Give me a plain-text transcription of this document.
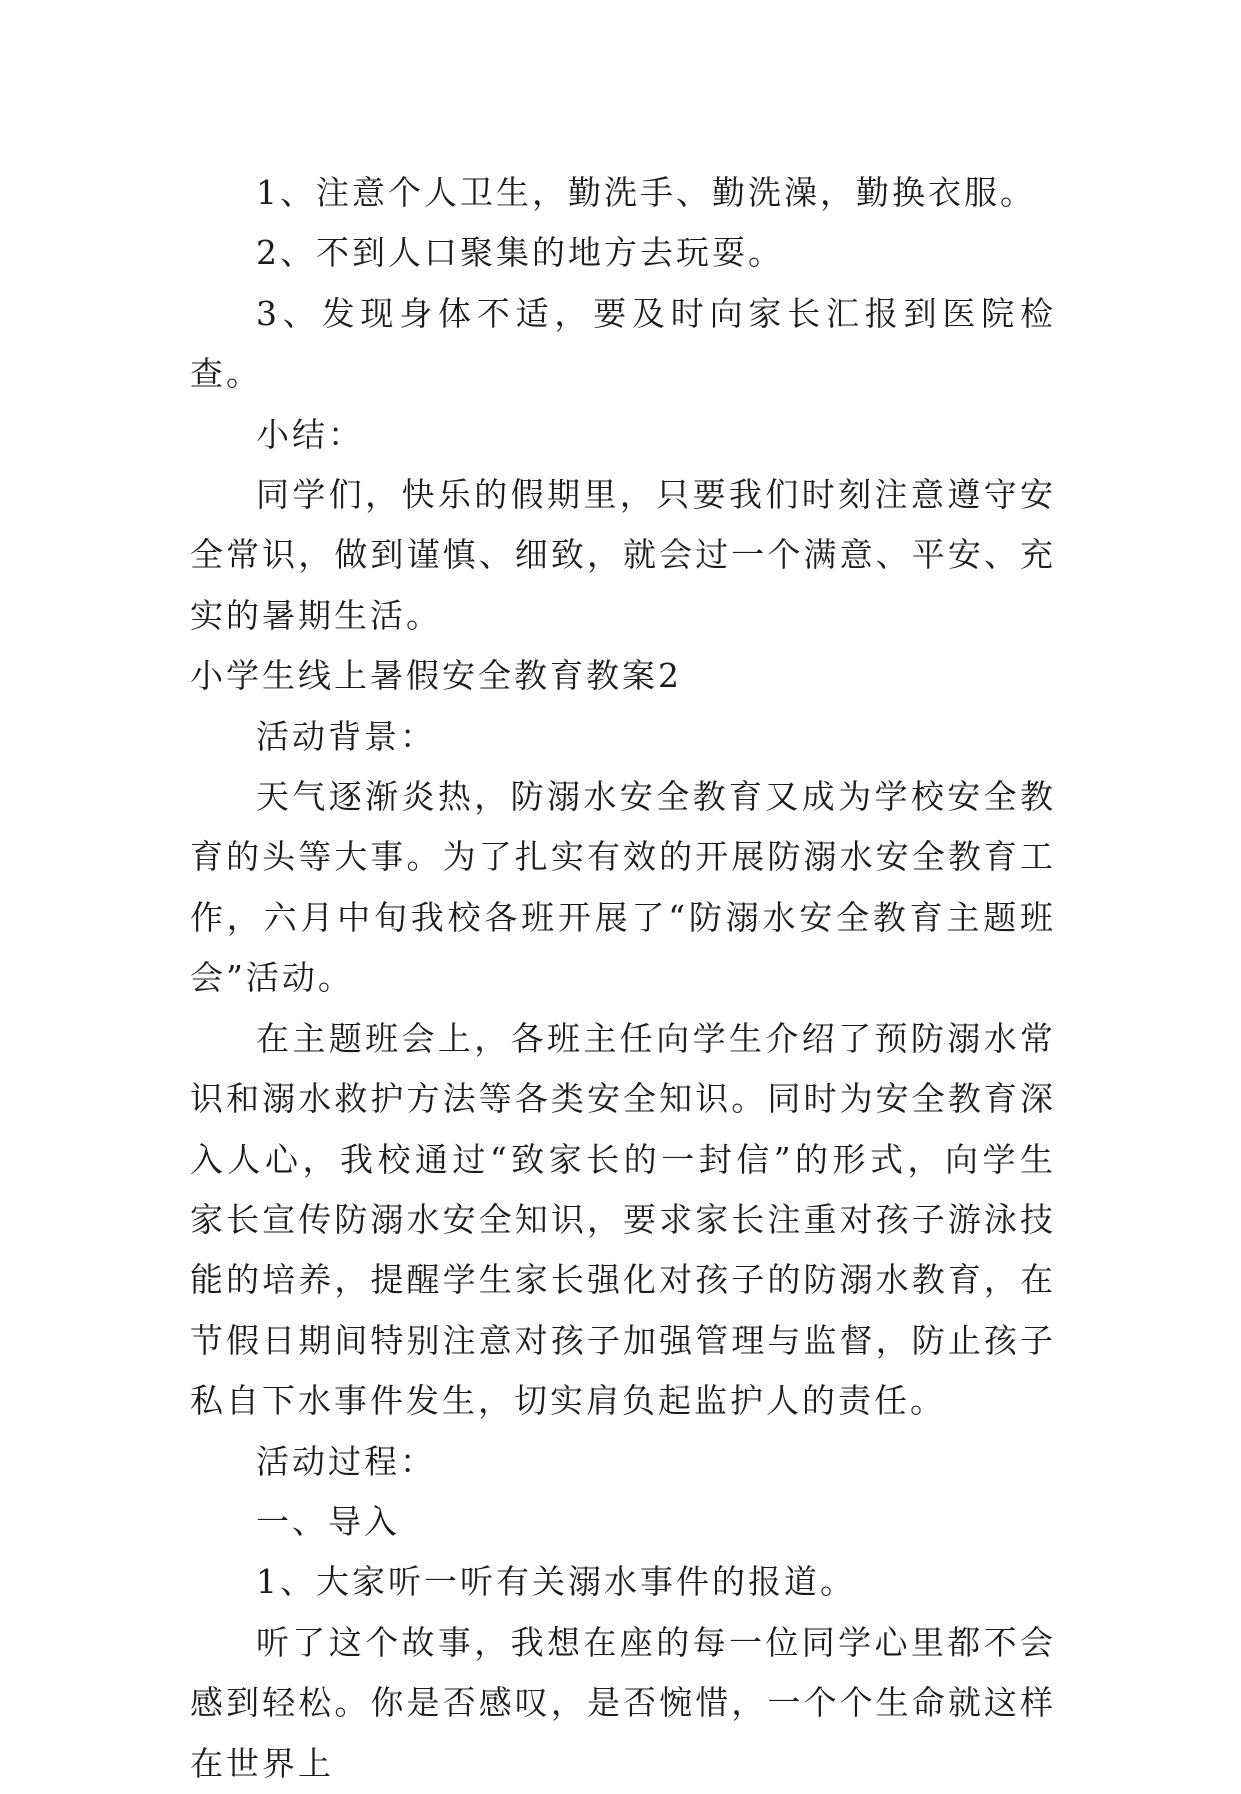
1、注意个人卫生，勤洗手、勤洗澡，勤换衣服。

2、不到人口聚集的地方去玩耍。

3、发现身体不适，要及时向家长汇报到医院检查。

小结：

同学们，快乐的假期里，只要我们时刻注意遵守安全常识，做到谨慎、细致，就会过一个满意、平安、充实的暑期生活。

小学生线上暑假安全教育教案2

活动背景：

天气逐渐炎热，防溺水安全教育又成为学校安全教育的头等大事。为了扎实有效的开展防溺水安全教育工作，六月中旬我校各班开展了“防溺水安全教育主题班会”活动。

在主题班会上，各班主任向学生介绍了预防溺水常识和溺水救护方法等各类安全知识。同时为安全教育深入人心，我校通过“致家长的一封信”的形式，向学生家长宣传防溺水安全知识，要求家长注重对孩子游泳技能的培养，提醒学生家长强化对孩子的防溺水教育，在节假日期间特别注意对孩子加强管理与监督，防止孩子私自下水事件发生，切实肩负起监护人的责任。

活动过程：

一、导入

1、大家听一听有关溺水事件的报道。

听了这个故事，我想在座的每一位同学心里都不会感到轻松。你是否感叹，是否惋惜，一个个生命就这样在世界上
